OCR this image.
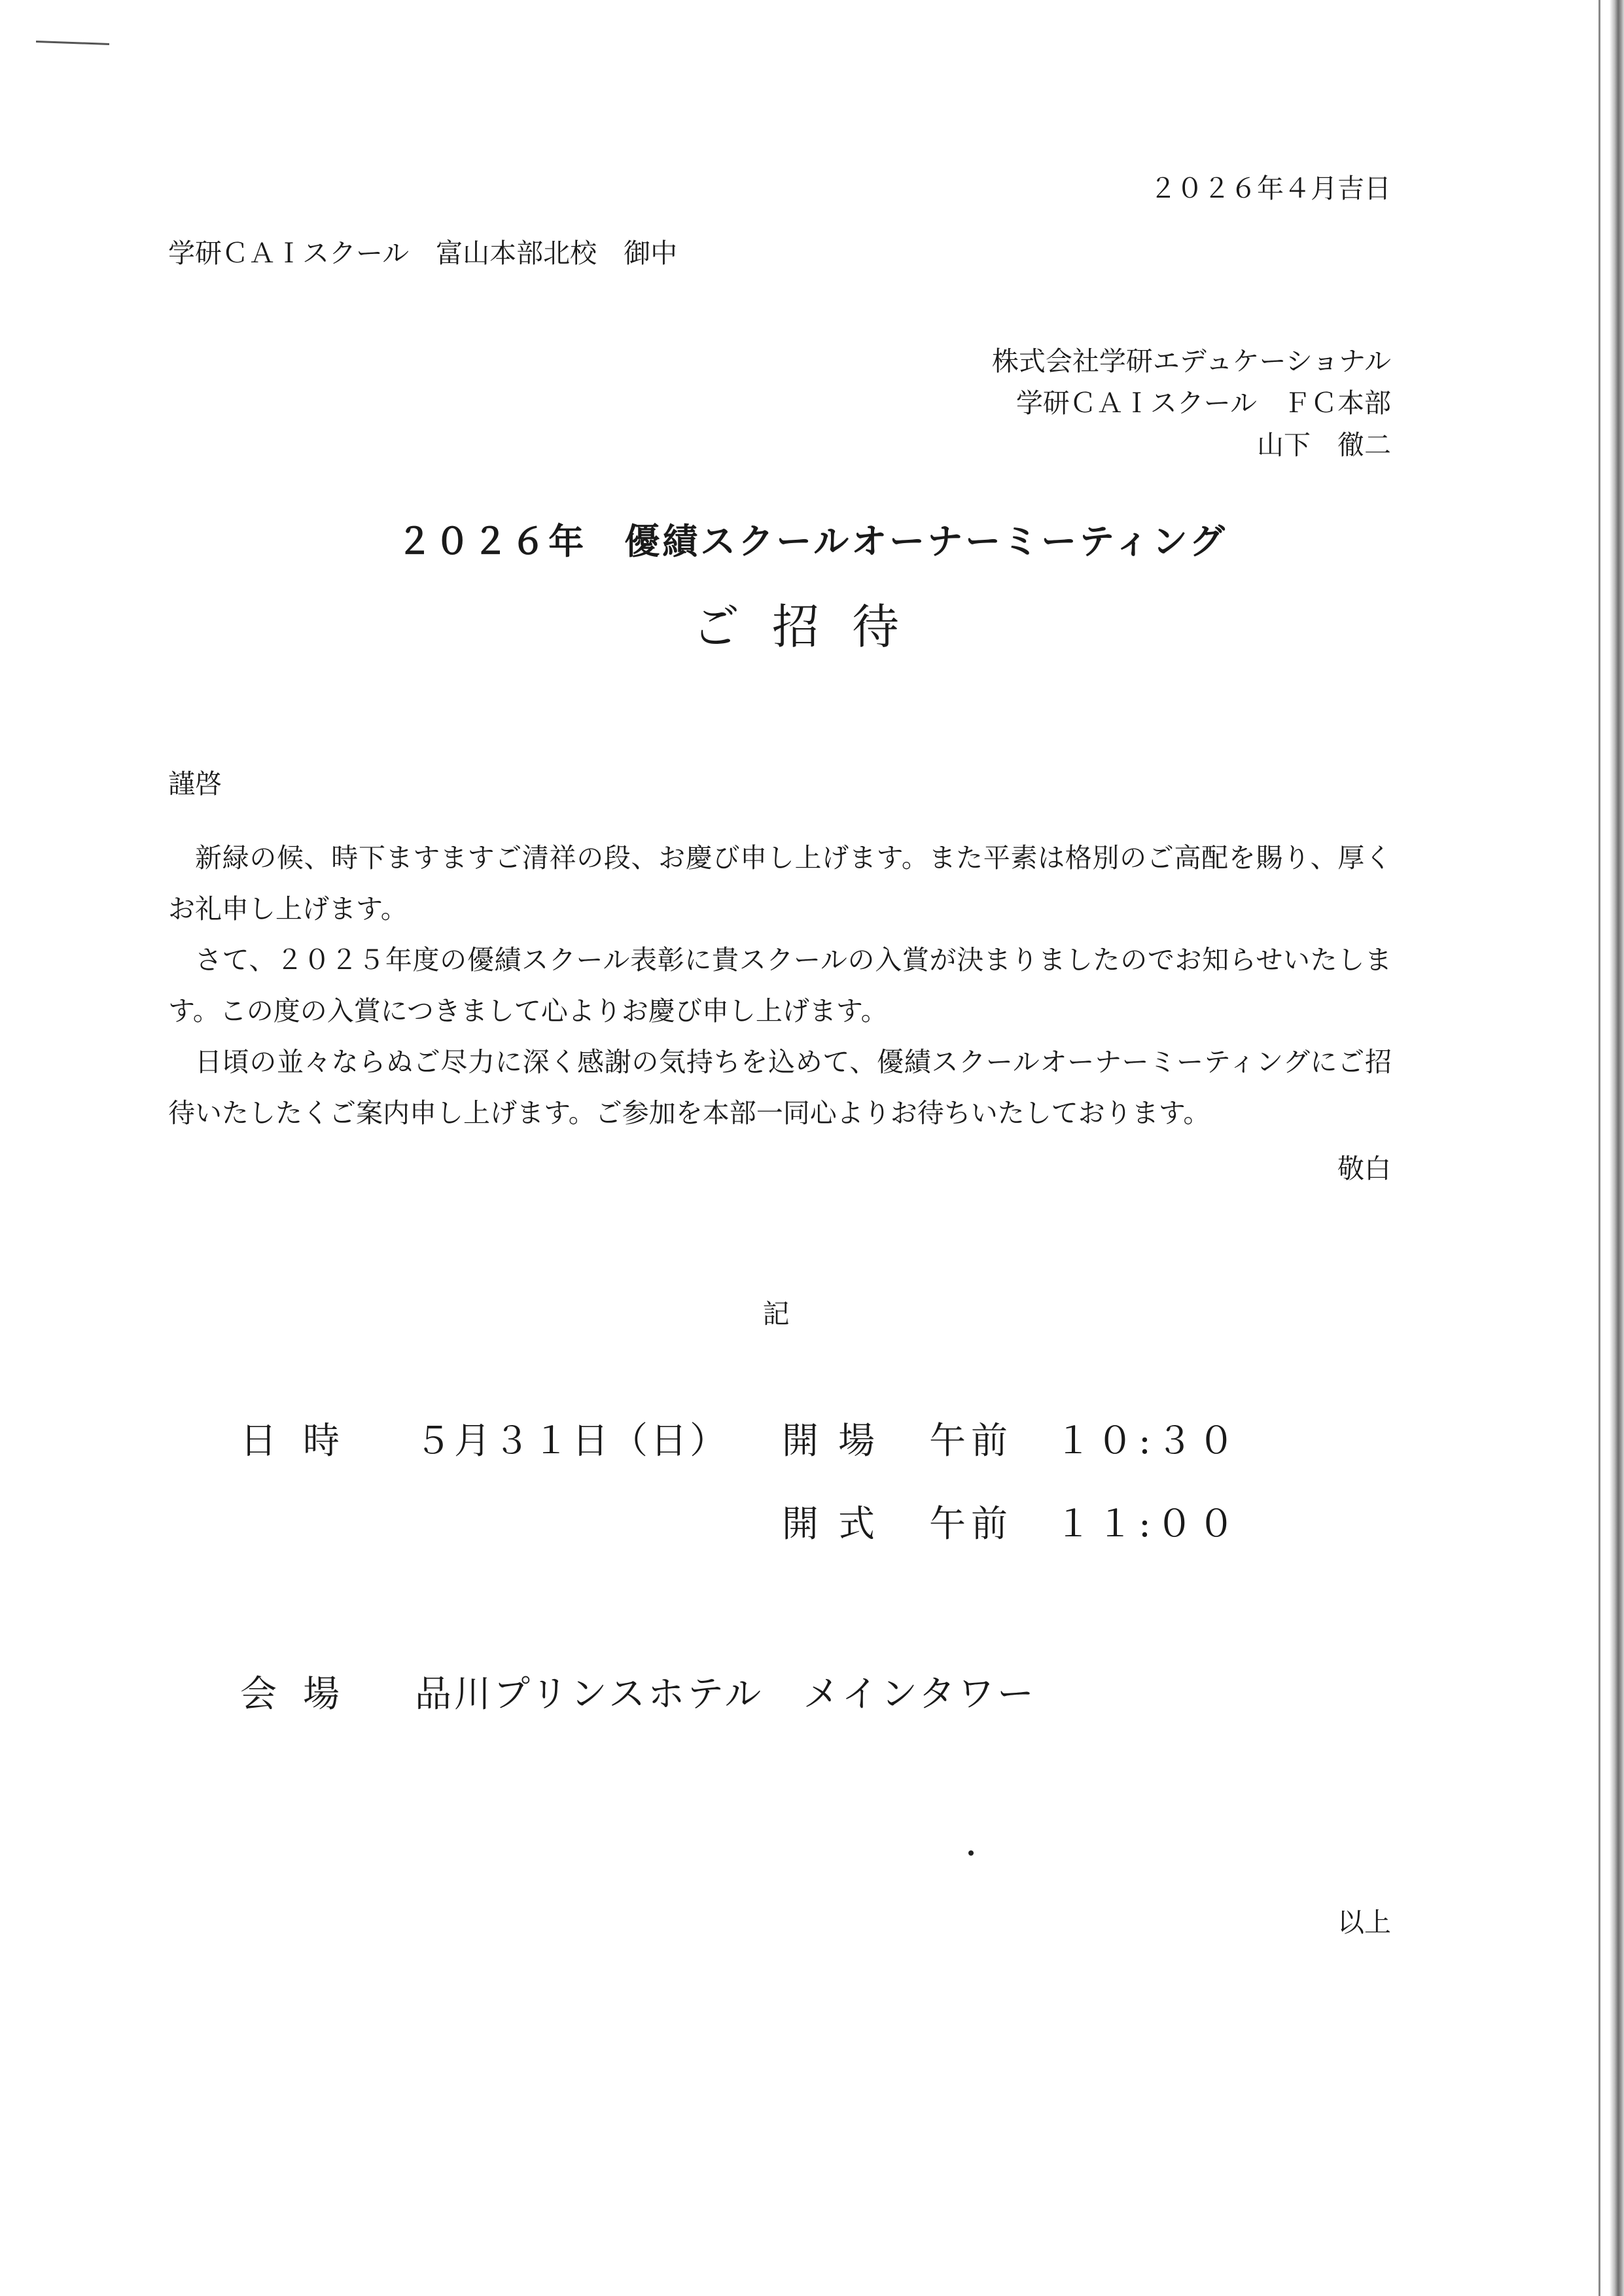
２０２６年４月吉日
学研ＣＡＩスクール　富山本部北校　御中
株式会社学研エデュケーショナル
学研ＣＡＩスクール　ＦＣ本部
山下　徹二
２０２６年　優績スクールオーナーミーティング
ご招待
謹啓

新緑の候、時下ますますご清祥の段、お慶び申し上げます。また平素は格別のご高配を賜り、厚くお礼申し上げます。

さて、２０２５年度の優績スクール表彰に貴スクールの入賞が決まりましたのでお知らせいたします。この度の入賞につきまして心よりお慶び申し上げます。

日頃の並々ならぬご尽力に深く感謝の気持ちを込めて、優績スクールオーナーミーティングにご招待いたしたくご案内申し上げます。ご参加を本部一同心よりお待ちいたしております。

敬白
記
日時 ５月３１日（日） 開場 午前　１０:３０
開式 午前　１１:００
会場 品川プリンスホテル　メインタワー
以上
